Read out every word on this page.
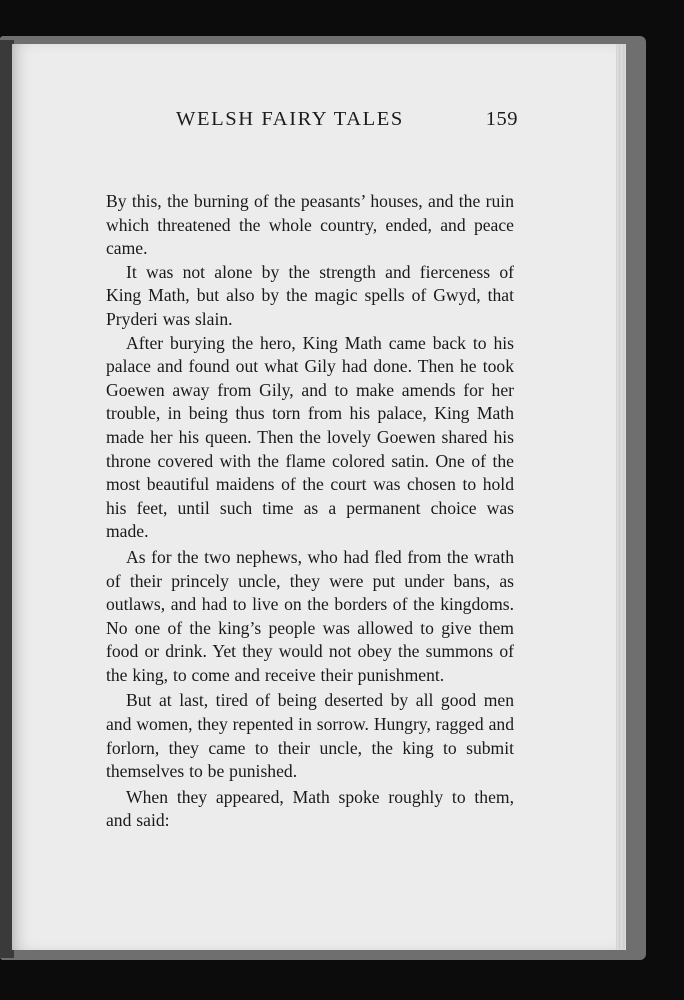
WELSH FAIRY TALES	159

By this, the burning of the peasants’ houses, and the ruin which threatened the whole country, ended, and peace came.

It was not alone by the strength and fierceness of King Math, but also by the magic spells of Gwyd, that Pryderi was slain.

After burying the hero, King Math came back to his palace and found out what Gily had done. Then he took Goewen away from Gily, and to make amends for her trouble, in being thus torn from his palace, King Math made her his queen. Then the lovely Goewen shared his throne covered with the flame colored satin. One of the most beautiful maidens of the court was chosen to hold his feet, until such time as a permanent choice was made.

As for the two nephews, who had fled from the wrath of their princely uncle, they were put under bans, as outlaws, and had to live on the borders of the kingdoms. No one of the king’s people was allowed to give them food or drink. Yet they would not obey the summons of the king, to come and receive their punishment.

But at last, tired of being deserted by all good men and women, they repented in sorrow. Hungry, ragged and forlorn, they came to their uncle, the king to submit themselves to be punished.

When they appeared, Math spoke roughly to them, and said:
